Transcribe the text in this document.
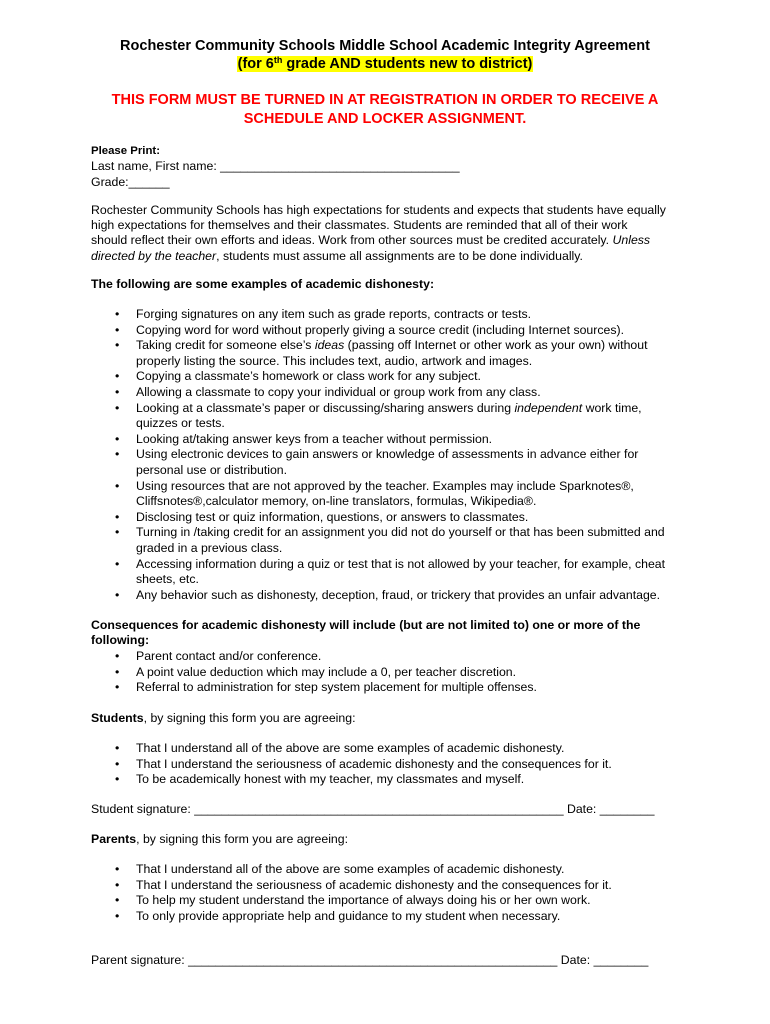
Rochester Community Schools Middle School Academic Integrity Agreement
(for 6th grade AND students new to district)
THIS FORM MUST BE TURNED IN AT REGISTRATION IN ORDER TO RECEIVE A
SCHEDULE AND LOCKER ASSIGNMENT.
Please Print:
Last name, First name: ___________________________________
Grade:______
Rochester Community Schools has high expectations for students and expects that students have equally
high expectations for themselves and their classmates. Students are reminded that all of their work
should reflect their own efforts and ideas. Work from other sources must be credited accurately. Unless
directed by the teacher, students must assume all assignments are to be done individually.
The following are some examples of academic dishonesty:
• Forging signatures on any item such as grade reports, contracts or tests.
• Copying word for word without properly giving a source credit (including Internet sources).
• Taking credit for someone else’s ideas (passing off Internet or other work as your own) without
properly listing the source. This includes text, audio, artwork and images.
• Copying a classmate’s homework or class work for any subject.
• Allowing a classmate to copy your individual or group work from any class.
• Looking at a classmate’s paper or discussing/sharing answers during independent work time,
quizzes or tests.
• Looking at/taking answer keys from a teacher without permission.
• Using electronic devices to gain answers or knowledge of assessments in advance either for
personal use or distribution.
• Using resources that are not approved by the teacher. Examples may include Sparknotes®,
Cliffsnotes®,calculator memory, on-line translators, formulas, Wikipedia®.
• Disclosing test or quiz information, questions, or answers to classmates.
• Turning in /taking credit for an assignment you did not do yourself or that has been submitted and
graded in a previous class.
• Accessing information during a quiz or test that is not allowed by your teacher, for example, cheat
sheets, etc.
• Any behavior such as dishonesty, deception, fraud, or trickery that provides an unfair advantage.
Consequences for academic dishonesty will include (but are not limited to) one or more of the
following:
• Parent contact and/or conference.
• A point value deduction which may include a 0, per teacher discretion.
• Referral to administration for step system placement for multiple offenses.
Students, by signing this form you are agreeing:
• That I understand all of the above are some examples of academic dishonesty.
• That I understand the seriousness of academic dishonesty and the consequences for it.
• To be academically honest with my teacher, my classmates and myself.
Student signature: ______________________________________________________ Date: ________
Parents, by signing this form you are agreeing:
• That I understand all of the above are some examples of academic dishonesty.
• That I understand the seriousness of academic dishonesty and the consequences for it.
• To help my student understand the importance of always doing his or her own work.
• To only provide appropriate help and guidance to my student when necessary.
Parent signature: ______________________________________________________ Date: ________
